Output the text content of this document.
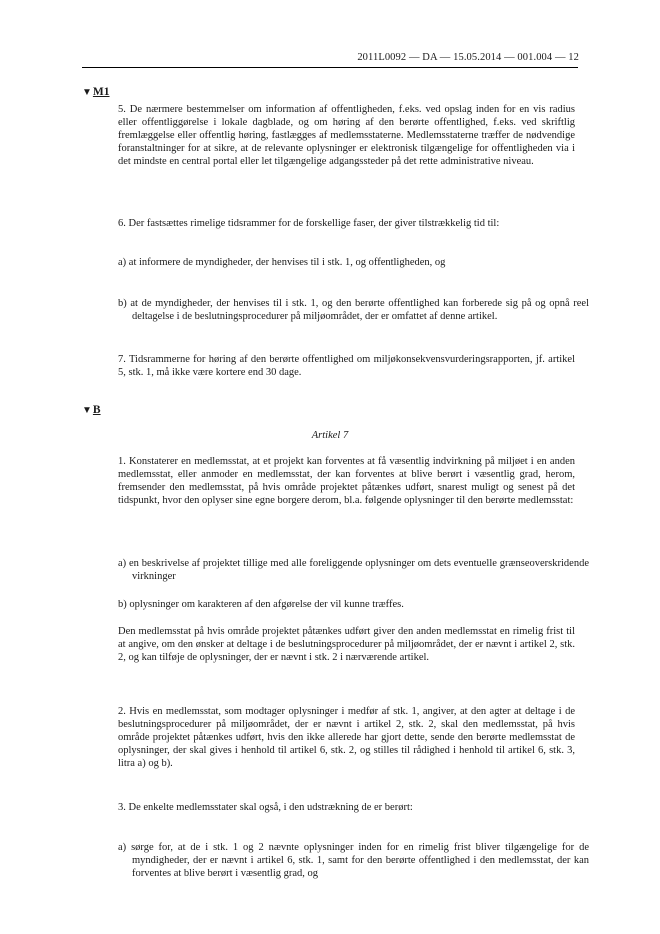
2011L0092 — DA — 15.05.2014 — 001.004 — 12
▼M1

5. De nærmere bestemmelser om information af offentligheden, f.eks. ved opslag inden for en vis radius eller offentliggørelse i lokale dagblade, og om høring af den berørte offentlighed, f.eks. ved skriftlig fremlæggelse eller offentlig høring, fastlægges af medlemsstaterne. Medlemsstaterne træffer de nødvendige foranstaltninger for at sikre, at de relevante oplysninger er elektronisk tilgængelige for offentligheden via i det mindste en central portal eller let tilgængelige adgangssteder på det rette administrative niveau.

6. Der fastsættes rimelige tidsrammer for de forskellige faser, der giver tilstrækkelig tid til:

a) at informere de myndigheder, der henvises til i stk. 1, og offentligheden, og

b) at de myndigheder, der henvises til i stk. 1, og den berørte offentlighed kan forberede sig på og opnå reel deltagelse i de beslutningsprocedurer på miljøområdet, der er omfattet af denne artikel.

7. Tidsrammerne for høring af den berørte offentlighed om miljøkonsekvensvurderingsrapporten, jf. artikel 5, stk. 1, må ikke være kortere end 30 dage.

▼B
Artikel 7

1. Konstaterer en medlemsstat, at et projekt kan forventes at få væsentlig indvirkning på miljøet i en anden medlemsstat, eller anmoder en medlemsstat, der kan forventes at blive berørt i væsentlig grad, herom, fremsender den medlemsstat, på hvis område projektet påtænkes udført, snarest muligt og senest på det tidspunkt, hvor den oplyser sine egne borgere derom, bl.a. følgende oplysninger til den berørte medlemsstat:

a) en beskrivelse af projektet tillige med alle foreliggende oplysninger om dets eventuelle grænseoverskridende virkninger

b) oplysninger om karakteren af den afgørelse der vil kunne træffes.

Den medlemsstat på hvis område projektet påtænkes udført giver den anden medlemsstat en rimelig frist til at angive, om den ønsker at deltage i de beslutningsprocedurer på miljøområdet, der er nævnt i artikel 2, stk. 2, og kan tilføje de oplysninger, der er nævnt i stk. 2 i nærværende artikel.

2. Hvis en medlemsstat, som modtager oplysninger i medfør af stk. 1, angiver, at den agter at deltage i de beslutningsprocedurer på miljøområdet, der er nævnt i artikel 2, stk. 2, skal den medlemsstat, på hvis område projektet påtænkes udført, hvis den ikke allerede har gjort dette, sende den berørte medlemsstat de oplysninger, der skal gives i henhold til artikel 6, stk. 2, og stilles til rådighed i henhold til artikel 6, stk. 3, litra a) og b).

3. De enkelte medlemsstater skal også, i den udstrækning de er berørt:

a) sørge for, at de i stk. 1 og 2 nævnte oplysninger inden for en rimelig frist bliver tilgængelige for de myndigheder, der er nævnt i artikel 6, stk. 1, samt for den berørte offentlighed i den medlemsstat, der kan forventes at blive berørt i væsentlig grad, og
